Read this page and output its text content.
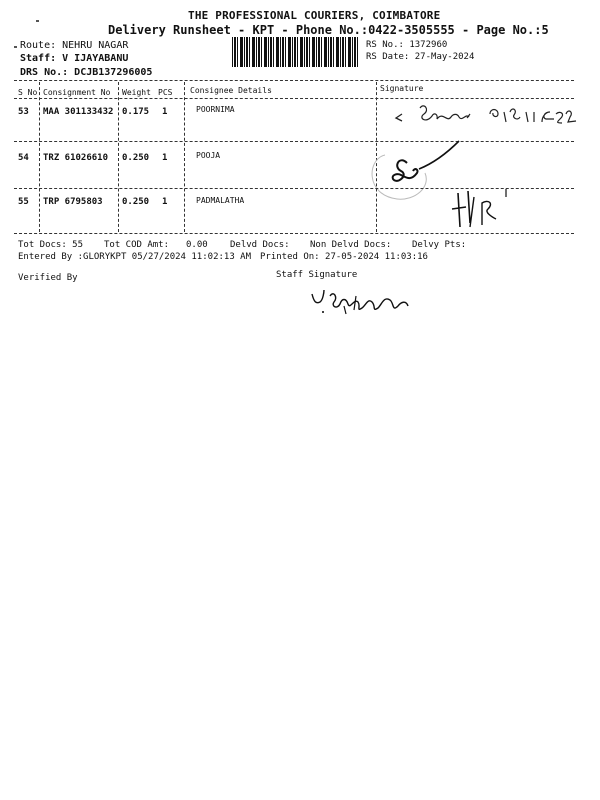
THE PROFESSIONAL COURIERS, COIMBATORE
Delivery Runsheet - KPT - Phone No.:0422-3505555 - Page No.:5
Route: NEHRU NAGAR
Staff: V IJAYABANU
DRS No.: DCJB137296005
RS No.: 1372960
RS Date: 27-May-2024
S No Consignment No Weight PCS Consignee Details	Signature
53 MAA 301133432 0.175 1	POORNIMA
54 TRZ 61026610 0.250 1	POOJA
55 TRP 6795803 0.250 1	PADMALATHA
Tot Docs: 55 Tot COD Amt: 0.00 Delvd Docs: Non Delvd Docs: Delvy Pts:
Entered By :GLORYKPT 05/27/2024 11:02:13 AM Printed On: 27-05-2024 11:03:16
Verified By	Staff Signature
